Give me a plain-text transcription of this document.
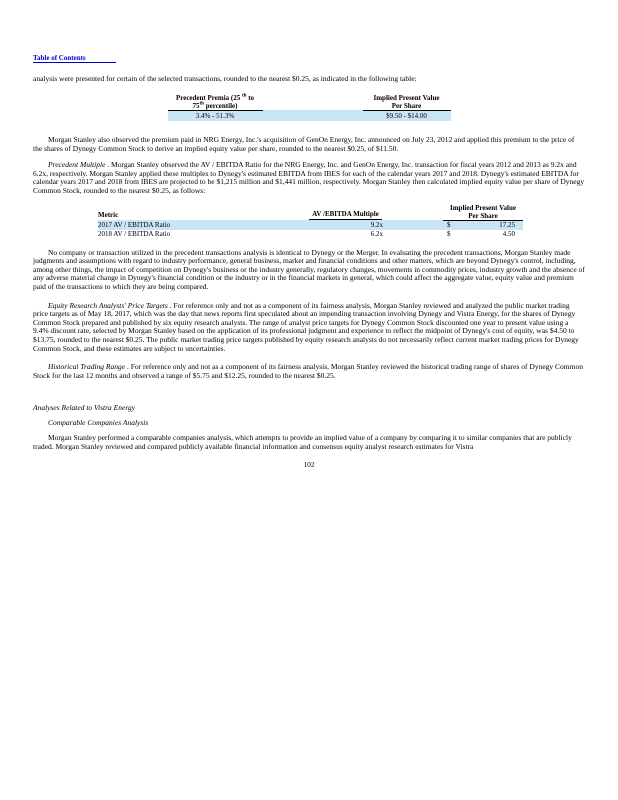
Table of Contents

analysis were presented for certain of the selected transactions, rounded to the nearest $0.25, as indicated in the following table:

Precedent Premia (25 $^{th}$ to 75th percentile)		Implied Present Value
Per Share

3.4% - 51.3%		$9.50 - $14.00

Morgan Stanley also observed the premium paid in NRG Energy, Inc.'s acquisition of GenOn Energy, Inc. announced on July 23, 2012 and applied this premium to the price of the shares of Dynegy Common Stock to derive an implied equity value per share, rounded to the nearest $0.25, of $11.50.

Precedent Multiple . Morgan Stanley observed the AV / EBITDA Ratio for the NRG Energy, Inc. and GenOn Energy, Inc. transaction for fiscal years 2012 and 2013 as 9.2x and 6.2x, respectively. Morgan Stanley applied these multiples to Dynegy's estimated EBITDA from IBES for each of the calendar years 2017 and 2018. Dynegy's estimated EBITDA for calendar years 2017 and 2018 from IBES are projected to be $1,215 million and $1,441 million, respectively. Morgan Stanley then calculated implied equity value per share of Dynegy Common Stock, rounded to the nearest $0.25, as follows:

Metric	AV /EBITDA Multiple		Implied Present Value
Per Share	

2017 AV / EBITDA Ratio	9.2x		$	17.25
2018 AV / EBITDA Ratio	6.2x		$	4.50

No company or transaction utilized in the precedent transactions analysis is identical to Dynegy or the Merger. In evaluating the precedent transactions, Morgan Stanley made judgments and assumptions with regard to industry performance, general business, market and financial conditions and other matters, which are beyond Dynegy's control, including, among other things, the impact of competition on Dynegy's business or the industry generally, regulatory changes, movements in commodity prices, industry growth and the absence of any adverse material change in Dynegy's financial condition or the industry or in the financial markets in general, which could affect the aggregate value, equity value and premium paid of the transactions to which they are being compared.

Equity Research Analysts' Price Targets . For reference only and not as a component of its fairness analysis, Morgan Stanley reviewed and analyzed the public market trading price targets as of May 18, 2017, which was the day that news reports first speculated about an impending transaction involving Dynegy and Vistra Energy, for the shares of Dynegy Common Stock prepared and published by six equity research analysts. The range of analyst price targets for Dynegy Common Stock discounted one year to present value using a 9.4% discount rate, selected by Morgan Stanley based on the application of its professional judgment and experience to reflect the midpoint of Dynegy's cost of equity, was $4.50 to $13.75, rounded to the nearest $0.25. The public market trading price targets published by equity research analysts do not necessarily reflect current market trading prices for Dynegy Common Stock, and these estimates are subject to uncertainties.

Historical Trading Range . For reference only and not as a component of its fairness analysis, Morgan Stanley reviewed the historical trading range of shares of Dynegy Common Stock for the last 12 months and observed a range of $5.75 and $12.25, rounded to the nearest $0.25.

Analyses Related to Vistra Energy
Comparable Companies Analysis

Morgan Stanley performed a comparable companies analysis, which attempts to provide an implied value of a company by comparing it to similar companies that are publicly traded. Morgan Stanley reviewed and compared publicly available financial information and consensus equity analyst research estimates for Vistra

102
